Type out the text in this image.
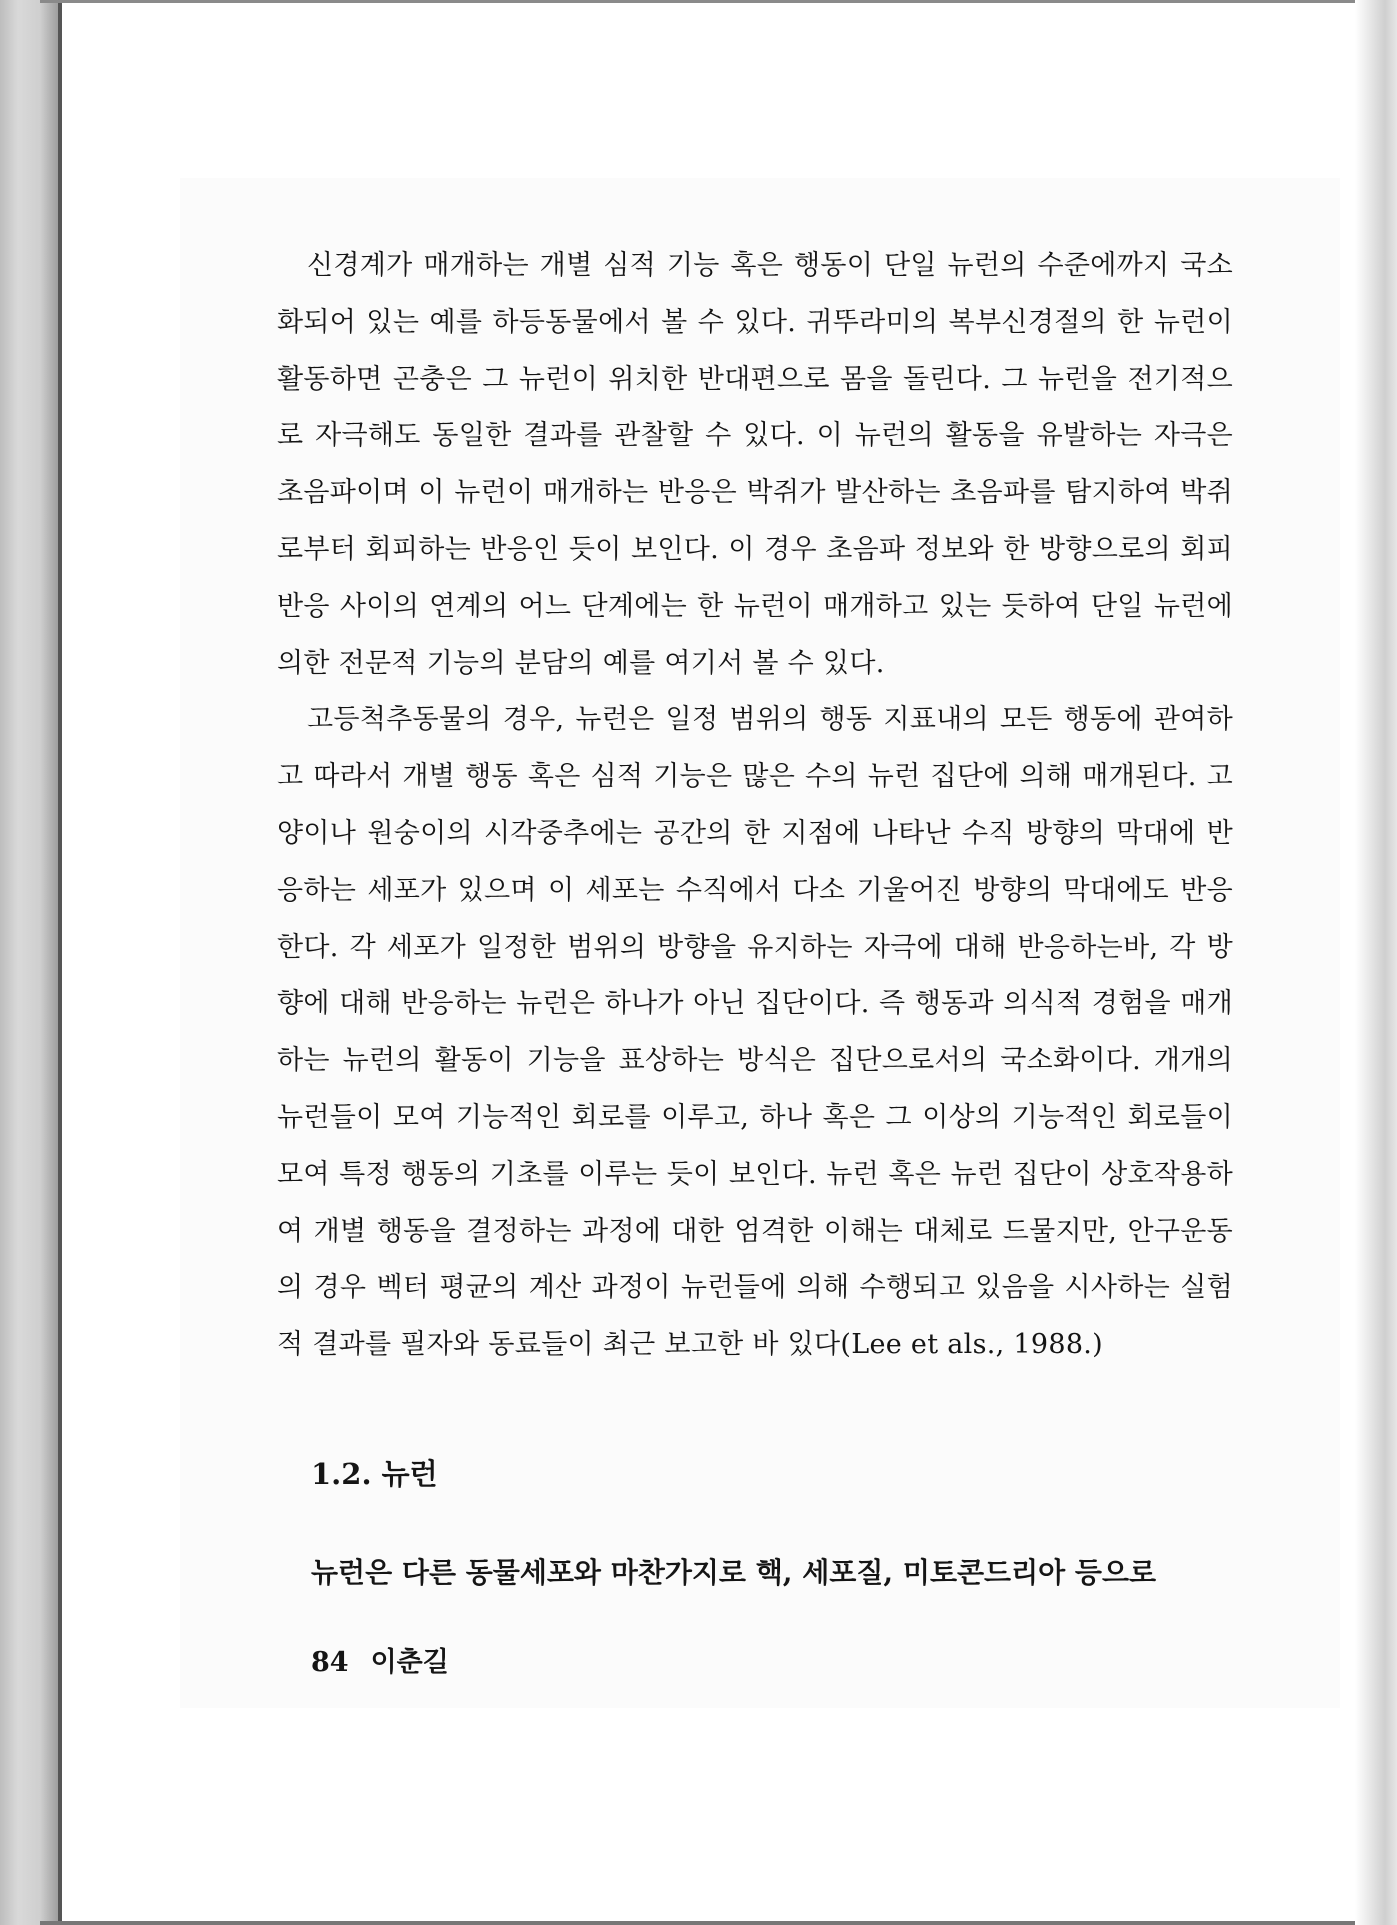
신경계가 매개하는 개별 심적 기능 혹은 행동이 단일 뉴런의 수준에까지 국소화되어 있는 예를 하등동물에서 볼 수 있다. 귀뚜라미의 복부신경절의 한 뉴런이 활동하면 곤충은 그 뉴런이 위치한 반대편으로 몸을 돌린다. 그 뉴런을 전기적으로 자극해도 동일한 결과를 관찰할 수 있다. 이 뉴런의 활동을 유발하는 자극은 초음파이며 이 뉴런이 매개하는 반응은 박쥐가 발산하는 초음파를 탐지하여 박쥐로부터 회피하는 반응인 듯이 보인다. 이 경우 초음파 정보와 한 방향으로의 회피 반응 사이의 연계의 어느 단계에는 한 뉴런이 매개하고 있는 듯하여 단일 뉴런에 의한 전문적 기능의 분담의 예를 여기서 볼 수 있다.

고등척추동물의 경우, 뉴런은 일정 범위의 행동 지표내의 모든 행동에 관여하고 따라서 개별 행동 혹은 심적 기능은 많은 수의 뉴런 집단에 의해 매개된다. 고양이나 원숭이의 시각중추에는 공간의 한 지점에 나타난 수직 방향의 막대에 반응하는 세포가 있으며 이 세포는 수직에서 다소 기울어진 방향의 막대에도 반응한다. 각 세포가 일정한 범위의 방향을 유지하는 자극에 대해 반응하는바, 각 방향에 대해 반응하는 뉴런은 하나가 아닌 집단이다. 즉 행동과 의식적 경험을 매개하는 뉴런의 활동이 기능을 표상하는 방식은 집단으로서의 국소화이다. 개개의 뉴런들이 모여 기능적인 회로를 이루고, 하나 혹은 그 이상의 기능적인 회로들이 모여 특정 행동의 기초를 이루는 듯이 보인다. 뉴런 혹은 뉴런 집단이 상호작용하여 개별 행동을 결정하는 과정에 대한 엄격한 이해는 대체로 드물지만, 안구운동의 경우 벡터 평균의 계산 과정이 뉴런들에 의해 수행되고 있음을 시사하는 실험적 결과를 필자와 동료들이 최근 보고한 바 있다(Lee et als., 1988.)

1.2. 뉴런

뉴런은 다른 동물세포와 마찬가지로 핵, 세포질, 미토콘드리아 등으로

84 이춘길
